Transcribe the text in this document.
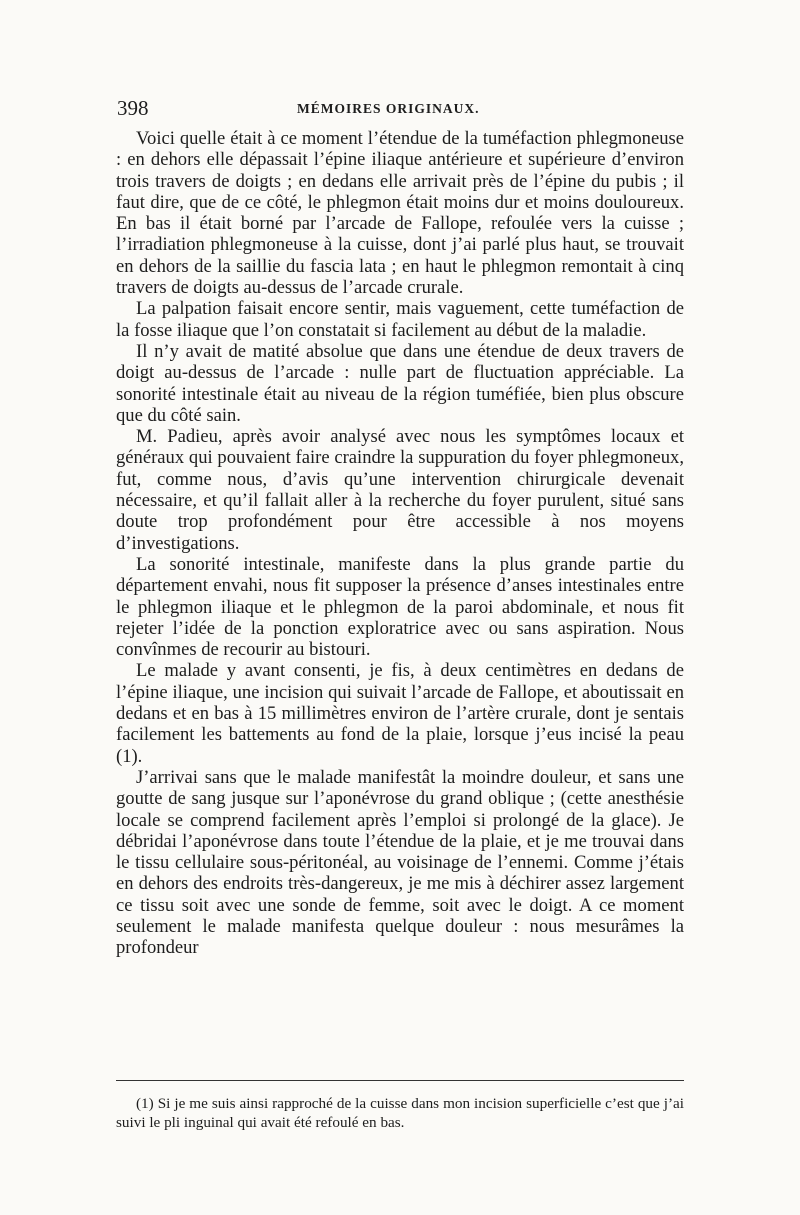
398	MÉMOIRES ORIGINAUX.

Voici quelle était à ce moment l’étendue de la tuméfaction phlegmoneuse : en dehors elle dépassait l’épine iliaque antérieure et supérieure d’environ trois travers de doigts ; en dedans elle arrivait près de l’épine du pubis ; il faut dire, que de ce côté, le phlegmon était moins dur et moins douloureux. En bas il était borné par l’arcade de Fallope, refoulée vers la cuisse ; l’irradiation phlegmoneuse à la cuisse, dont j’ai parlé plus haut, se trouvait en dehors de la saillie du fascia lata ; en haut le phlegmon remontait à cinq travers de doigts au-dessus de l’arcade crurale.

La palpation faisait encore sentir, mais vaguement, cette tuméfaction de la fosse iliaque que l’on constatait si facilement au début de la maladie.

Il n’y avait de matité absolue que dans une étendue de deux travers de doigt au-dessus de l’arcade : nulle part de fluctuation appréciable. La sonorité intestinale était au niveau de la région tuméfiée, bien plus obscure que du côté sain.

M. Padieu, après avoir analysé avec nous les symptômes locaux et généraux qui pouvaient faire craindre la suppuration du foyer phlegmoneux, fut, comme nous, d’avis qu’une intervention chirurgicale devenait nécessaire, et qu’il fallait aller à la recherche du foyer purulent, situé sans doute trop profondément pour être accessible à nos moyens d’investigations.

La sonorité intestinale, manifeste dans la plus grande partie du département envahi, nous fit supposer la présence d’anses intestinales entre le phlegmon iliaque et le phlegmon de la paroi abdominale, et nous fit rejeter l’idée de la ponction exploratrice avec ou sans aspiration. Nous convînmes de recourir au bistouri.

Le malade y avant consenti, je fis, à deux centimètres en dedans de l’épine iliaque, une incision qui suivait l’arcade de Fallope, et aboutissait en dedans et en bas à 15 millimètres environ de l’artère crurale, dont je sentais facilement les battements au fond de la plaie, lorsque j’eus incisé la peau (1).

J’arrivai sans que le malade manifestât la moindre douleur, et sans une goutte de sang jusque sur l’aponévrose du grand oblique ; (cette anesthésie locale se comprend facilement après l’emploi si prolongé de la glace). Je débridai l’aponévrose dans toute l’étendue de la plaie, et je me trouvai dans le tissu cellulaire sous-péritonéal, au voisinage de l’ennemi. Comme j’étais en dehors des endroits très-dangereux, je me mis à déchirer assez largement ce tissu soit avec une sonde de femme, soit avec le doigt. A ce moment seulement le malade manifesta quelque douleur : nous mesurâmes la profondeur

(1) Si je me suis ainsi rapproché de la cuisse dans mon incision superficielle c’est que j’ai suivi le pli inguinal qui avait été refoulé en bas.
